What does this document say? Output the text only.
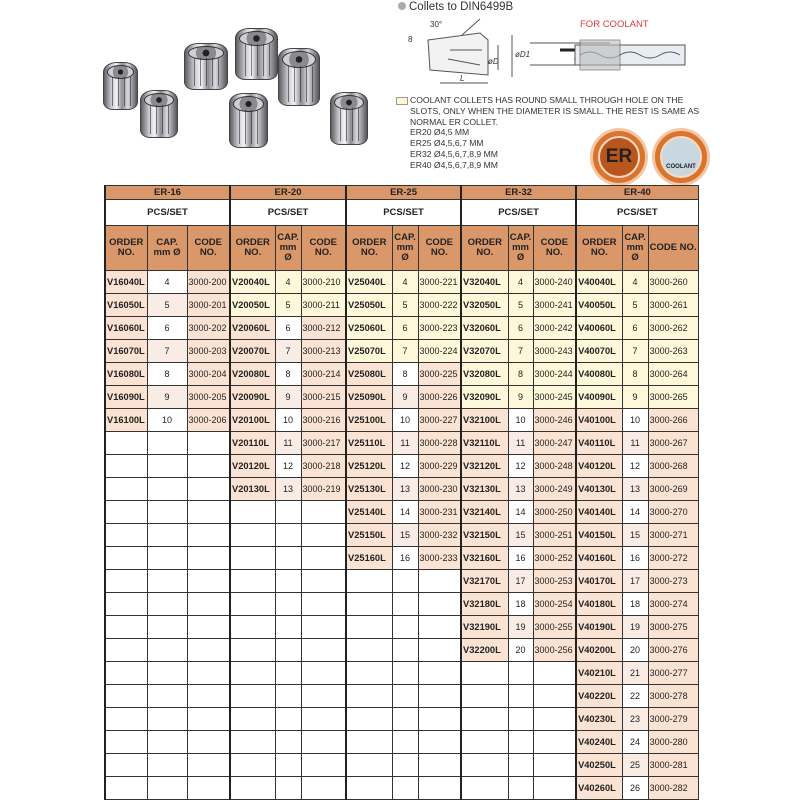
Collets to DIN6499B
30°
8
øD1
øD
L
FOR COOLANT
COOLANT COLLETS HAS ROUND SMALL THROUGH HOLE ON THE SLOTS, ONLY WHEN THE DIAMETER IS SMALL. THE REST IS SAME AS NORMAL ER COLLET.
ER20 Ø4,5 MM
ER25 Ø4,5,6,7 MM
ER32 Ø4,5,6,7,8,9 MM
ER40 Ø4,5,6,7,8,9 MM	ER	COOLANT
ER-16			ER-20			ER-25			ER-32			ER-40		
PCS/SET			PCS/SET			PCS/SET			PCS/SET			PCS/SET		
ORDER NO.	CAP. mm Ø	CODE NO.	ORDER NO.	CAP. mm Ø	CODE NO.	ORDER NO.	CAP. mm Ø	CODE NO.	ORDER NO.	CAP. mm Ø	CODE NO.	ORDER NO.	CAP. mm Ø	CODE NO.
V16040L	4	3000-200	V20040L	4	3000-210	V25040L	4	3000-221	V32040L	4	3000-240	V40040L	4	3000-260
V16050L	5	3000-201	V20050L	5	3000-211	V25050L	5	3000-222	V32050L	5	3000-241	V40050L	5	3000-261
V16060L	6	3000-202	V20060L	6	3000-212	V25060L	6	3000-223	V32060L	6	3000-242	V40060L	6	3000-262
V16070L	7	3000-203	V20070L	7	3000-213	V25070L	7	3000-224	V32070L	7	3000-243	V40070L	7	3000-263
V16080L	8	3000-204	V20080L	8	3000-214	V25080L	8	3000-225	V32080L	8	3000-244	V40080L	8	3000-264
V16090L	9	3000-205	V20090L	9	3000-215	V25090L	9	3000-226	V32090L	9	3000-245	V40090L	9	3000-265
V16100L	10	3000-206	V20100L	10	3000-216	V25100L	10	3000-227	V32100L	10	3000-246	V40100L	10	3000-266
			V20110L	11	3000-217	V25110L	11	3000-228	V32110L	11	3000-247	V40110L	11	3000-267
			V20120L	12	3000-218	V25120L	12	3000-229	V32120L	12	3000-248	V40120L	12	3000-268
			V20130L	13	3000-219	V25130L	13	3000-230	V32130L	13	3000-249	V40130L	13	3000-269
						V25140L	14	3000-231	V32140L	14	3000-250	V40140L	14	3000-270
						V25150L	15	3000-232	V32150L	15	3000-251	V40150L	15	3000-271
						V25160L	16	3000-233	V32160L	16	3000-252	V40160L	16	3000-272
									V32170L	17	3000-253	V40170L	17	3000-273
									V32180L	18	3000-254	V40180L	18	3000-274
									V32190L	19	3000-255	V40190L	19	3000-275
									V32200L	20	3000-256	V40200L	20	3000-276
												V40210L	21	3000-277
												V40220L	22	3000-278
												V40230L	23	3000-279
												V40240L	24	3000-280
												V40250L	25	3000-281
												V40260L	26	3000-282
